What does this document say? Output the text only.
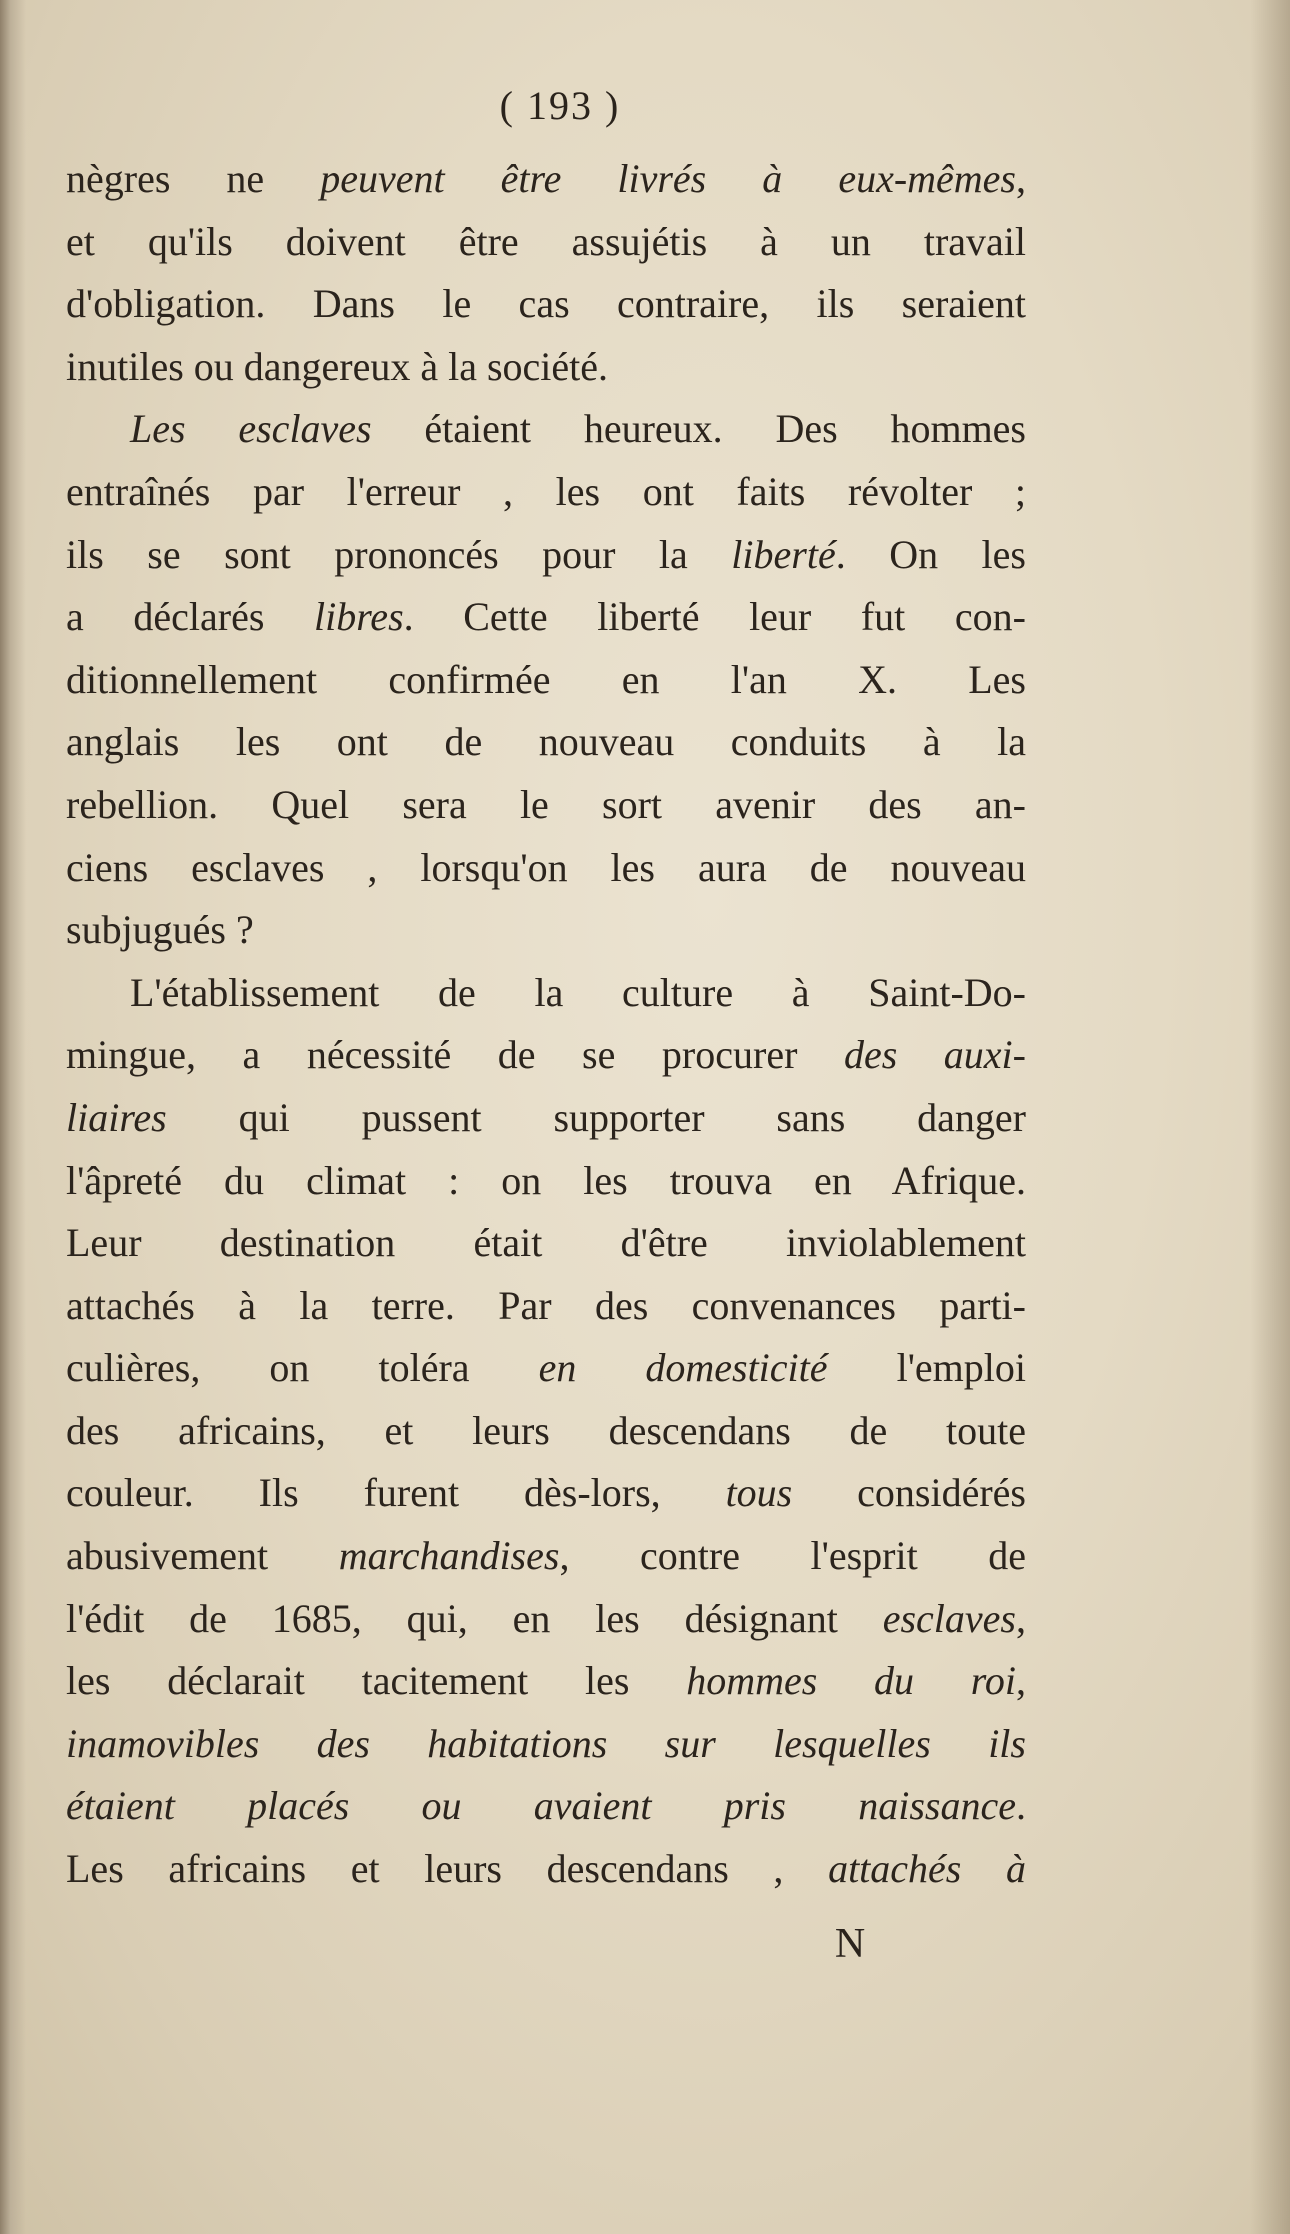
( 193 )
nègres ne peuvent être livrés à eux-mêmes,
et qu'ils doivent être assujétis à un travail
d'obligation. Dans le cas contraire, ils seraient
inutiles ou dangereux à la société.
Les esclaves étaient heureux. Des hommes
entraînés par l'erreur , les ont faits révolter ;
ils se sont prononcés pour la liberté. On les
a déclarés libres. Cette liberté leur fut con-
ditionnellement confirmée en l'an X. Les
anglais les ont de nouveau conduits à la
rebellion. Quel sera le sort avenir des an-
ciens esclaves , lorsqu'on les aura de nouveau
subjugués ?
L'établissement de la culture à Saint-Do-
mingue, a nécessité de se procurer des auxi-
liaires qui pussent supporter sans danger
l'âpreté du climat : on les trouva en Afrique.
Leur destination était d'être inviolablement
attachés à la terre. Par des convenances parti-
culières, on toléra en domesticité l'emploi
des africains, et leurs descendans de toute
couleur. Ils furent dès-lors, tous considérés
abusivement marchandises, contre l'esprit de
l'édit de 1685, qui, en les désignant esclaves,
les déclarait tacitement les hommes du roi,
inamovibles des habitations sur lesquelles ils
étaient placés ou avaient pris naissance.
Les africains et leurs descendans , attachés à
N
